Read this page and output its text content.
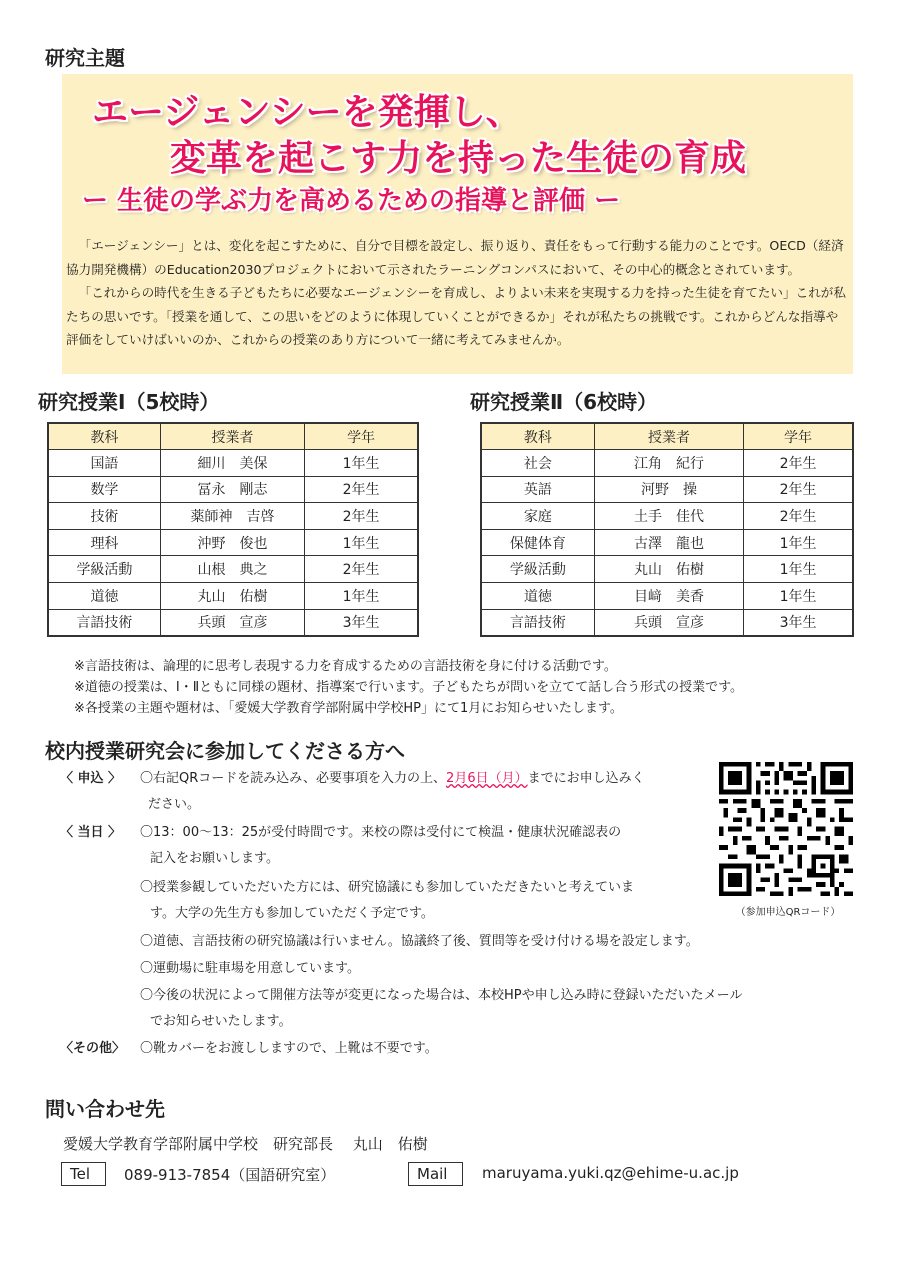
研究主題
エージェンシーを発揮し、
変革を起こす力を持った生徒の育成
ー 生徒の学ぶ力を高めるための指導と評価 ー

「エージェンシー」とは、変化を起こすために、自分で目標を設定し、振り返り、責任をもって行動する能力のことです。OECD（経済協力開発機構）のEducation2030プロジェクトにおいて示されたラーニングコンパスにおいて、その中心的概念とされています。

「これからの時代を生きる子どもたちに必要なエージェンシーを育成し、よりよい未来を実現する力を持った生徒を育てたい」これが私たちの思いです。「授業を通して、この思いをどのように体現していくことができるか」それが私たちの挑戦です。これからどんな指導や評価をしていけばいいのか、これからの授業のあり方について一緒に考えてみませんか。

研究授業Ⅰ（5校時）	研究授業Ⅱ（6校時）
教科	授業者	学年
国語	細川　美保	1年生
数学	冨永　剛志	2年生
技術	薬師神　吉啓	2年生
理科	沖野　俊也	1年生
学級活動	山根　典之	2年生
道徳	丸山　佑樹	1年生
言語技術	兵頭　宣彦	3年生
教科	授業者	学年
社会	江角　紀行	2年生
英語	河野　操	2年生
家庭	土手　佳代	2年生
保健体育	古澤　龍也	1年生
学級活動	丸山　佑樹	1年生
道徳	目﨑　美香	1年生
言語技術	兵頭　宣彦	3年生
※言語技術は、論理的に思考し表現する力を育成するための言語技術を身に付ける活動です。
※道徳の授業は、Ⅰ・Ⅱともに同様の題材、指導案で行います。子どもたちが問いを立てて話し合う形式の授業です。
※各授業の主題や題材は、「愛媛大学教育学部附属中学校HP」にて1月にお知らせいたします。
校内授業研究会に参加してくださる方へ
〈 申込 〉 〇右記QRコードを読み込み、必要事項を入力の上、2月6日（月）までにお申し込みく
ださい。
〈 当日 〉 〇13：00～13：25が受付時間です。来校の際は受付にて検温・健康状況確認表の
記入をお願いします。
〇授業参観していただいた方には、研究協議にも参加していただきたいと考えていま
す。大学の先生方も参加していただく予定です。
〇道徳、言語技術の研究協議は行いません。協議終了後、質問等を受け付ける場を設定します。
〇運動場に駐車場を用意しています。
〇今後の状況によって開催方法等が変更になった場合は、本校HPや申し込み時に登録いただいたメール
でお知らせいたします。
〈その他〉 〇靴カバーをお渡ししますので、上靴は不要です。
（参加申込QRコード）
問い合わせ先
愛媛大学教育学部附属中学校　研究部長　 丸山　佑樹
Tel	089-913-7854（国語研究室）	Mail	maruyama.yuki.qz@ehime-u.ac.jp
